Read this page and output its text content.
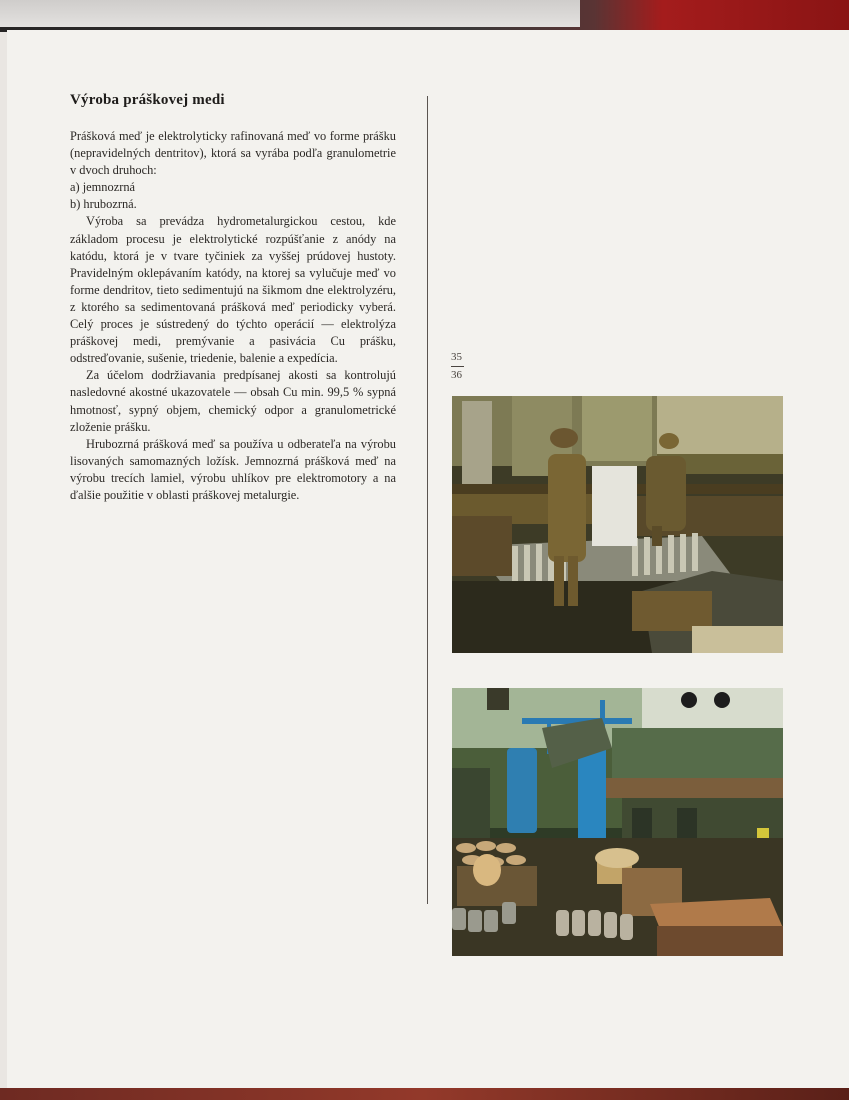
Výroba práškovej medi

Prášková meď je elektrolyticky rafinovaná meď vo forme prášku (nepravidelných dentritov), ktorá sa vyrába podľa granulometrie v dvoch druhoch:

a) jemnozrná

b) hrubozrná.

Výroba sa prevádza hydrometalurgickou cestou, kde základom procesu je elektrolytické rozpúšťanie z anódy na katódu, ktorá je v tvare tyčiniek za vyššej prúdovej hustoty. Pravidelným oklepávaním katódy, na ktorej sa vylučuje meď vo forme dendritov, tieto sedimentujú na šikmom dne elektrolyzéru, z ktorého sa sedimentovaná prášková meď periodicky vyberá. Celý proces je sústredený do týchto operácií — elektrolýza práškovej medi, premývanie a pasivácia Cu prášku, odstreďovanie, sušenie, triedenie, balenie a expedícia.

Za účelom dodržiavania predpísanej akosti sa kontrolujú nasledovné akostné ukazovatele — obsah Cu min. 99,5 % sypná hmotnosť, sypný objem, chemický odpor a granulometrické zloženie prášku.

Hrubozrná prášková meď sa používa u odberateľa na výrobu lisovaných samomazných ložísk. Jemnozrná prášková meď na výrobu trecích lamiel, výrobu uhlíkov pre elektromotory a na ďalšie použitie v oblasti práškovej metalurgie.

35
36
